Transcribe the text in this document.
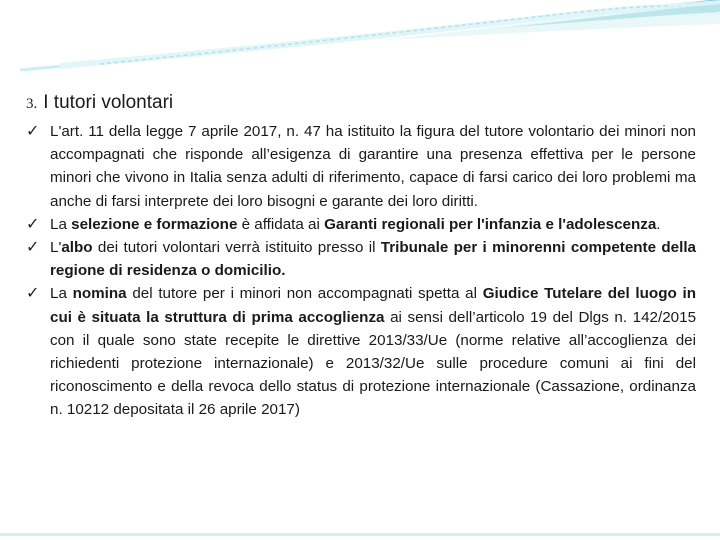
3. I tutori volontari
✓ L'art. 11 della legge 7 aprile 2017, n. 47 ha istituito la figura del tutore volontario dei minori non accompagnati che risponde all’esigenza di garantire una presenza effettiva per le persone minori che vivono in Italia senza adulti di riferimento, capace di farsi carico dei loro problemi ma anche di farsi interprete dei loro bisogni e garante dei loro diritti.
✓ La selezione e formazione è affidata ai Garanti regionali per l'infanzia e l'adolescenza.
✓ L'albo dei tutori volontari verrà istituito presso il Tribunale per i minorenni competente della regione di residenza o domicilio.
✓ La nomina del tutore per i minori non accompagnati spetta al Giudice Tutelare del luogo in cui è situata la struttura di prima accoglienza ai sensi dell’articolo 19 del Dlgs n. 142/2015 con il quale sono state recepite le direttive 2013/33/Ue (norme relative all’accoglienza dei richiedenti protezione internazionale) e 2013/32/Ue sulle procedure comuni ai fini del riconoscimento e della revoca dello status di protezione internazionale (Cassazione, ordinanza n. 10212 depositata il 26 aprile 2017)
